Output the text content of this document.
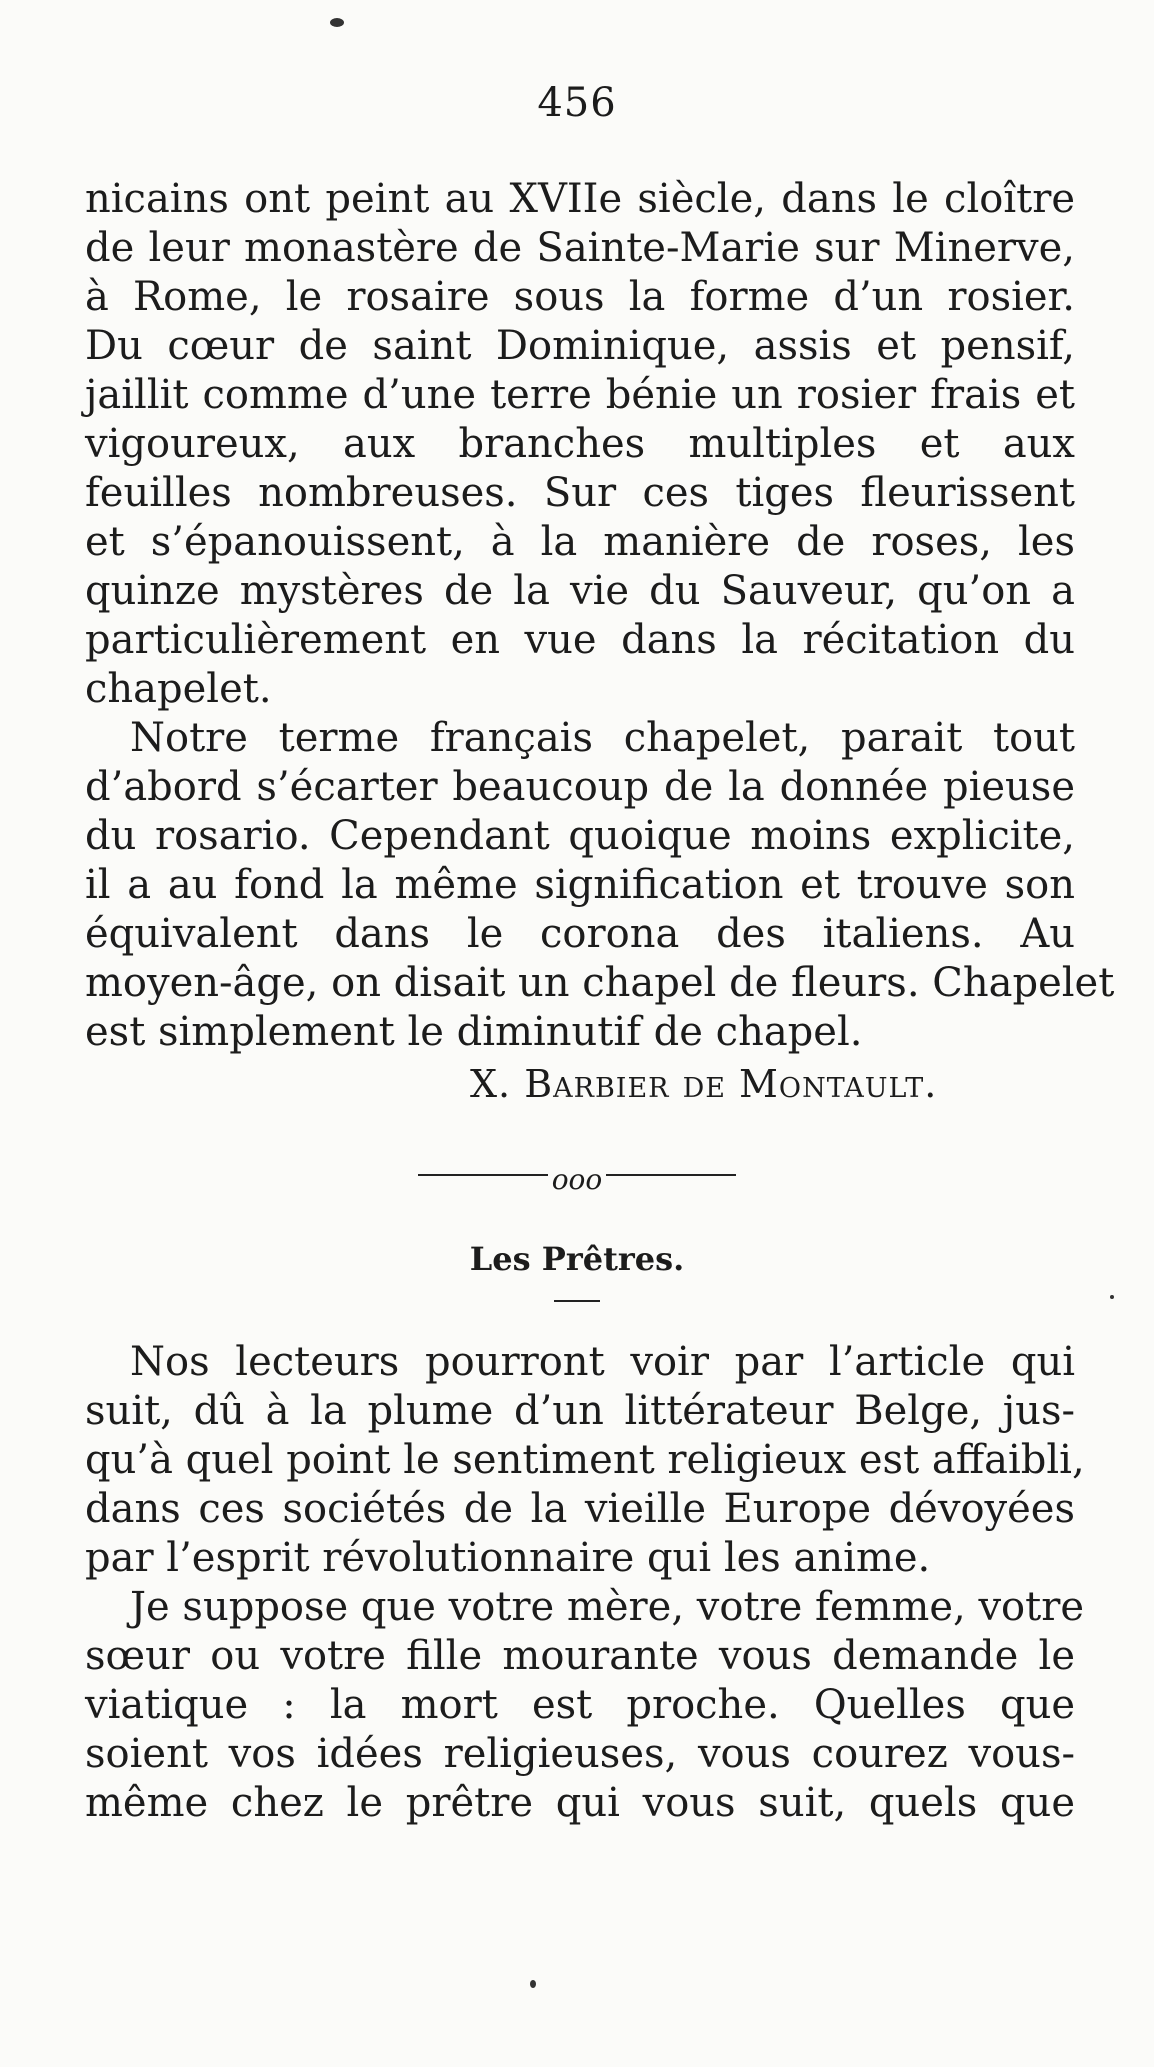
456
nicains ont peint au XVIIe siècle, dans le cloître
de leur monastère de Sainte-Marie sur Minerve,
à Rome, le rosaire sous la forme d’un rosier.
Du cœur de saint Dominique, assis et pensif,
jaillit comme d’une terre bénie un rosier frais et
vigoureux, aux branches multiples et aux
feuilles nombreuses. Sur ces tiges fleurissent
et s’épanouissent, à la manière de roses, les
quinze mystères de la vie du Sauveur, qu’on a
particulièrement en vue dans la récitation du
chapelet.
Notre terme français chapelet, parait tout
d’abord s’écarter beaucoup de la donnée pieuse
du rosario. Cependant quoique moins explicite,
il a au fond la même signification et trouve son
équivalent dans le corona des italiens. Au
moyen-âge, on disait un chapel de fleurs. Chapelet
est simplement le diminutif de chapel.
X. Barbier de Montault.
ooo
Les Prêtres.
Nos lecteurs pourront voir par l’article qui
suit, dû à la plume d’un littérateur Belge, jus-
qu’à quel point le sentiment religieux est affaibli,
dans ces sociétés de la vieille Europe dévoyées
par l’esprit révolutionnaire qui les anime.
Je suppose que votre mère, votre femme, votre
sœur ou votre fille mourante vous demande le
viatique : la mort est proche. Quelles que
soient vos idées religieuses, vous courez vous-
même chez le prêtre qui vous suit, quels que
